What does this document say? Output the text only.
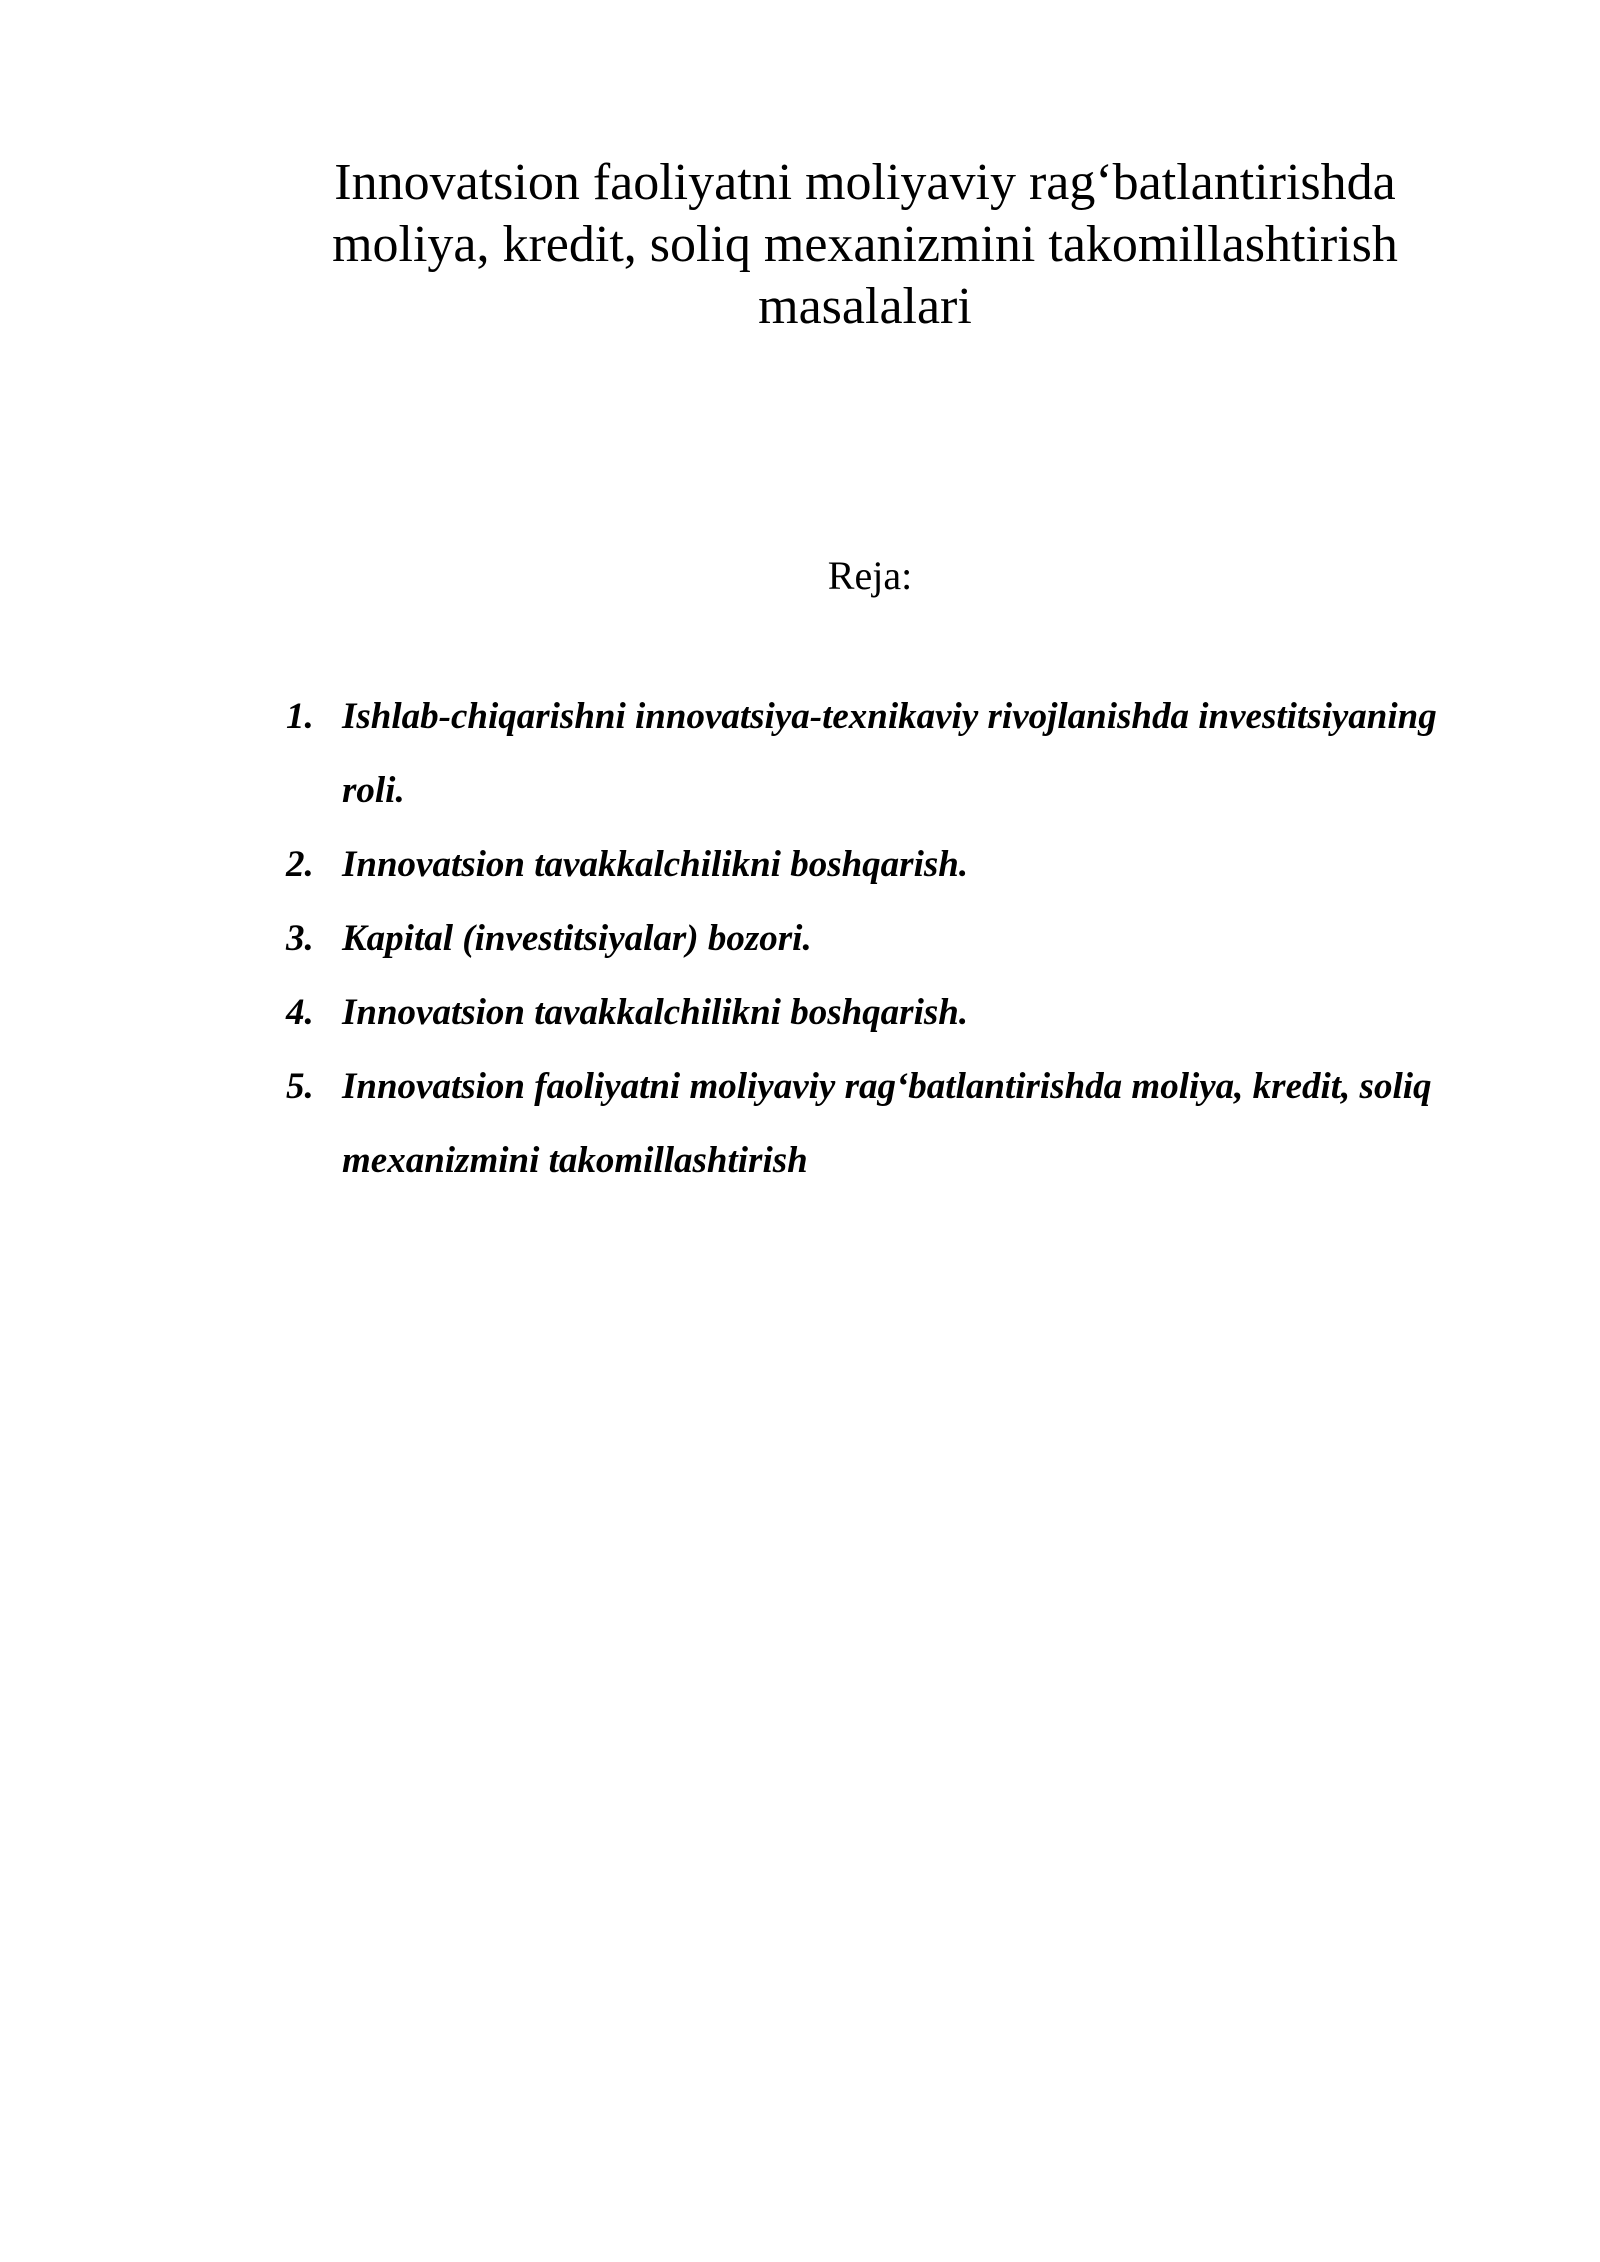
Innovatsion faoliyatni moliyaviy rag‘batlantirishda
moliya, kredit, soliq mexanizmini takomillashtirish
masalalari
Reja:
1. Ishlab-chiqarishni innovatsiya-texnikaviy rivojlanishda investitsiyaning roli.
2. Innovatsion tavakkalchilikni boshqarish.
3. Kapital (investitsiyalar) bozori.
4. Innovatsion tavakkalchilikni boshqarish.
5. Innovatsion faoliyatni moliyaviy rag‘batlantirishda moliya, kredit, soliq mexanizmini takomillashtirish
